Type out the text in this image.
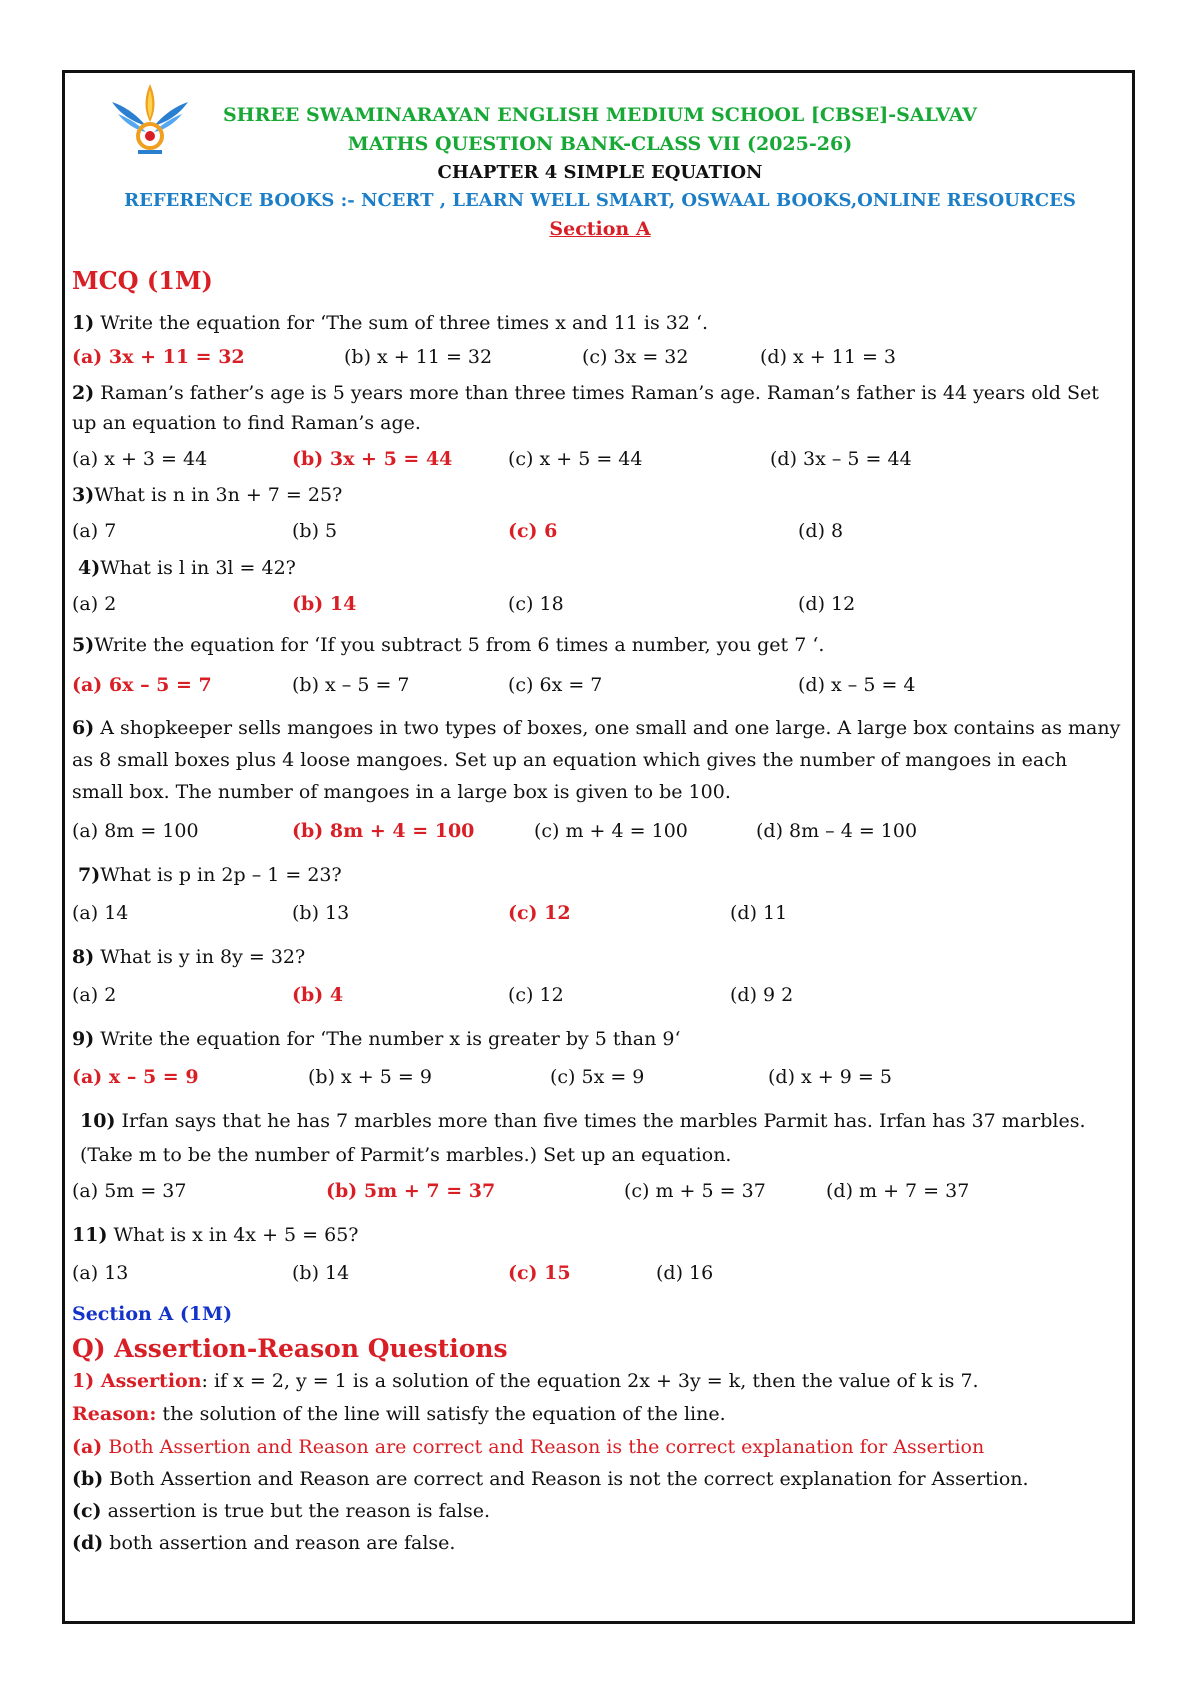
SHREE SWAMINARAYAN ENGLISH MEDIUM SCHOOL [CBSE]-SALVAV
MATHS QUESTION BANK-CLASS VII (2025-26)
CHAPTER 4 SIMPLE EQUATION
REFERENCE BOOKS :- NCERT , LEARN WELL SMART, OSWAAL BOOKS,ONLINE RESOURCES
Section A
MCQ (1M)
1) Write the equation for ‘The sum of three times x and 11 is 32 ‘.
(a) 3x + 11 = 32	(b) x + 11 = 32	(c) 3x = 32	(d) x + 11 = 3
2) Raman’s father’s age is 5 years more than three times Raman’s age. Raman’s father is 44 years old Set up an equation to find Raman’s age.
(a) x + 3 = 44	(b) 3x + 5 = 44	(c) x + 5 = 44	(d) 3x – 5 = 44
3)What is n in 3n + 7 = 25?
(a) 7	(b) 5	(c) 6	(d) 8
4)What is l in 3l = 42?
(a) 2	(b) 14	(c) 18	(d) 12
5)Write the equation for ‘If you subtract 5 from 6 times a number, you get 7 ‘.
(a) 6x – 5 = 7	(b) x – 5 = 7	(c) 6x = 7	(d) x – 5 = 4
6) A shopkeeper sells mangoes in two types of boxes, one small and one large. A large box contains as many as 8 small boxes plus 4 loose mangoes. Set up an equation which gives the number of mangoes in each small box. The number of mangoes in a large box is given to be 100.
(a) 8m = 100	(b) 8m + 4 = 100	(c) m + 4 = 100	(d) 8m – 4 = 100
7)What is p in 2p – 1 = 23?
(a) 14	(b) 13	(c) 12	(d) 11
8) What is y in 8y = 32?
(a) 2	(b) 4	(c) 12	(d) 9 2
9) Write the equation for ‘The number x is greater by 5 than 9‘
(a) x – 5 = 9	(b) x + 5 = 9	(c) 5x = 9	(d) x + 9 = 5
10) Irfan says that he has 7 marbles more than five times the marbles Parmit has. Irfan has 37 marbles. (Take m to be the number of Parmit’s marbles.) Set up an equation.
(a) 5m = 37	(b) 5m + 7 = 37	(c) m + 5 = 37	(d) m + 7 = 37
11) What is x in 4x + 5 = 65?
(a) 13	(b) 14	(c) 15	(d) 16
Section A (1M)
Q) Assertion-Reason Questions
1) Assertion: if x = 2, y = 1 is a solution of the equation 2x + 3y = k, then the value of k is 7.
Reason: the solution of the line will satisfy the equation of the line.
(a) Both Assertion and Reason are correct and Reason is the correct explanation for Assertion
(b) Both Assertion and Reason are correct and Reason is not the correct explanation for Assertion.
(c) assertion is true but the reason is false.
(d) both assertion and reason are false.
